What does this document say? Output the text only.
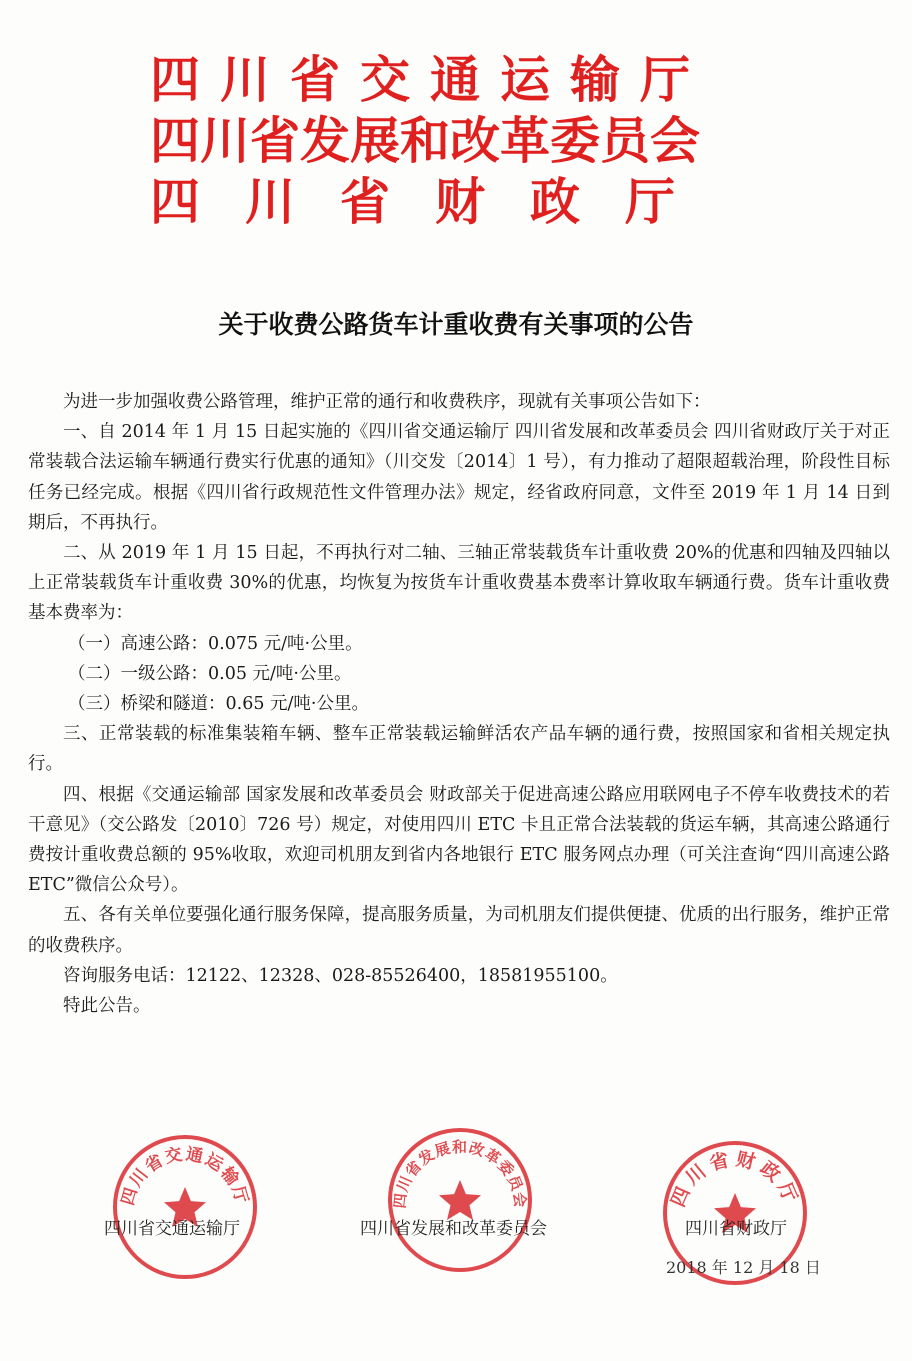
四川省交通运输厅
四川省发展和改革委员会
四川省财政厅
关于收费公路货车计重收费有关事项的公告

为进一步加强收费公路管理，维护正常的通行和收费秩序，现就有关事项公告如下：

一、自 2014 年 1 月 15 日起实施的《四川省交通运输厅 四川省发展和改革委员会 四川省财政厅关于对正常装载合法运输车辆通行费实行优惠的通知》（川交发〔2014〕1 号），有力推动了超限超载治理，阶段性目标任务已经完成。根据《四川省行政规范性文件管理办法》规定，经省政府同意，文件至 2019 年 1 月 14 日到期后，不再执行。

二、从 2019 年 1 月 15 日起，不再执行对二轴、三轴正常装载货车计重收费 20%的优惠和四轴及四轴以上正常装载货车计重收费 30%的优惠，均恢复为按货车计重收费基本费率计算收取车辆通行费。货车计重收费基本费率为：

（一）高速公路：0.075 元/吨·公里。

（二）一级公路：0.05 元/吨·公里。

（三）桥梁和隧道：0.65 元/吨·公里。

三、正常装载的标准集装箱车辆、整车正常装载运输鲜活农产品车辆的通行费，按照国家和省相关规定执行。

四、根据《交通运输部 国家发展和改革委员会 财政部关于促进高速公路应用联网电子不停车收费技术的若干意见》（交公路发〔2010〕726 号）规定，对使用四川 ETC 卡且正常合法装载的货运车辆，其高速公路通行费按计重收费总额的 95%收取，欢迎司机朋友到省内各地银行 ETC 服务网点办理（可关注查询“四川高速公路 ETC”微信公众号）。

五、各有关单位要强化通行服务保障，提高服务质量，为司机朋友们提供便捷、优质的出行服务，维护正常的收费秩序。

咨询服务电话：12122、12328、028-85526400，18581955100。

特此公告。

四川省交通运输厅	四川省发展和改革委员会	四川省财政厅
四川省交通运输厅	四川省发展和改革委员会	四川省财政厅
2018 年 12 月 18 日
